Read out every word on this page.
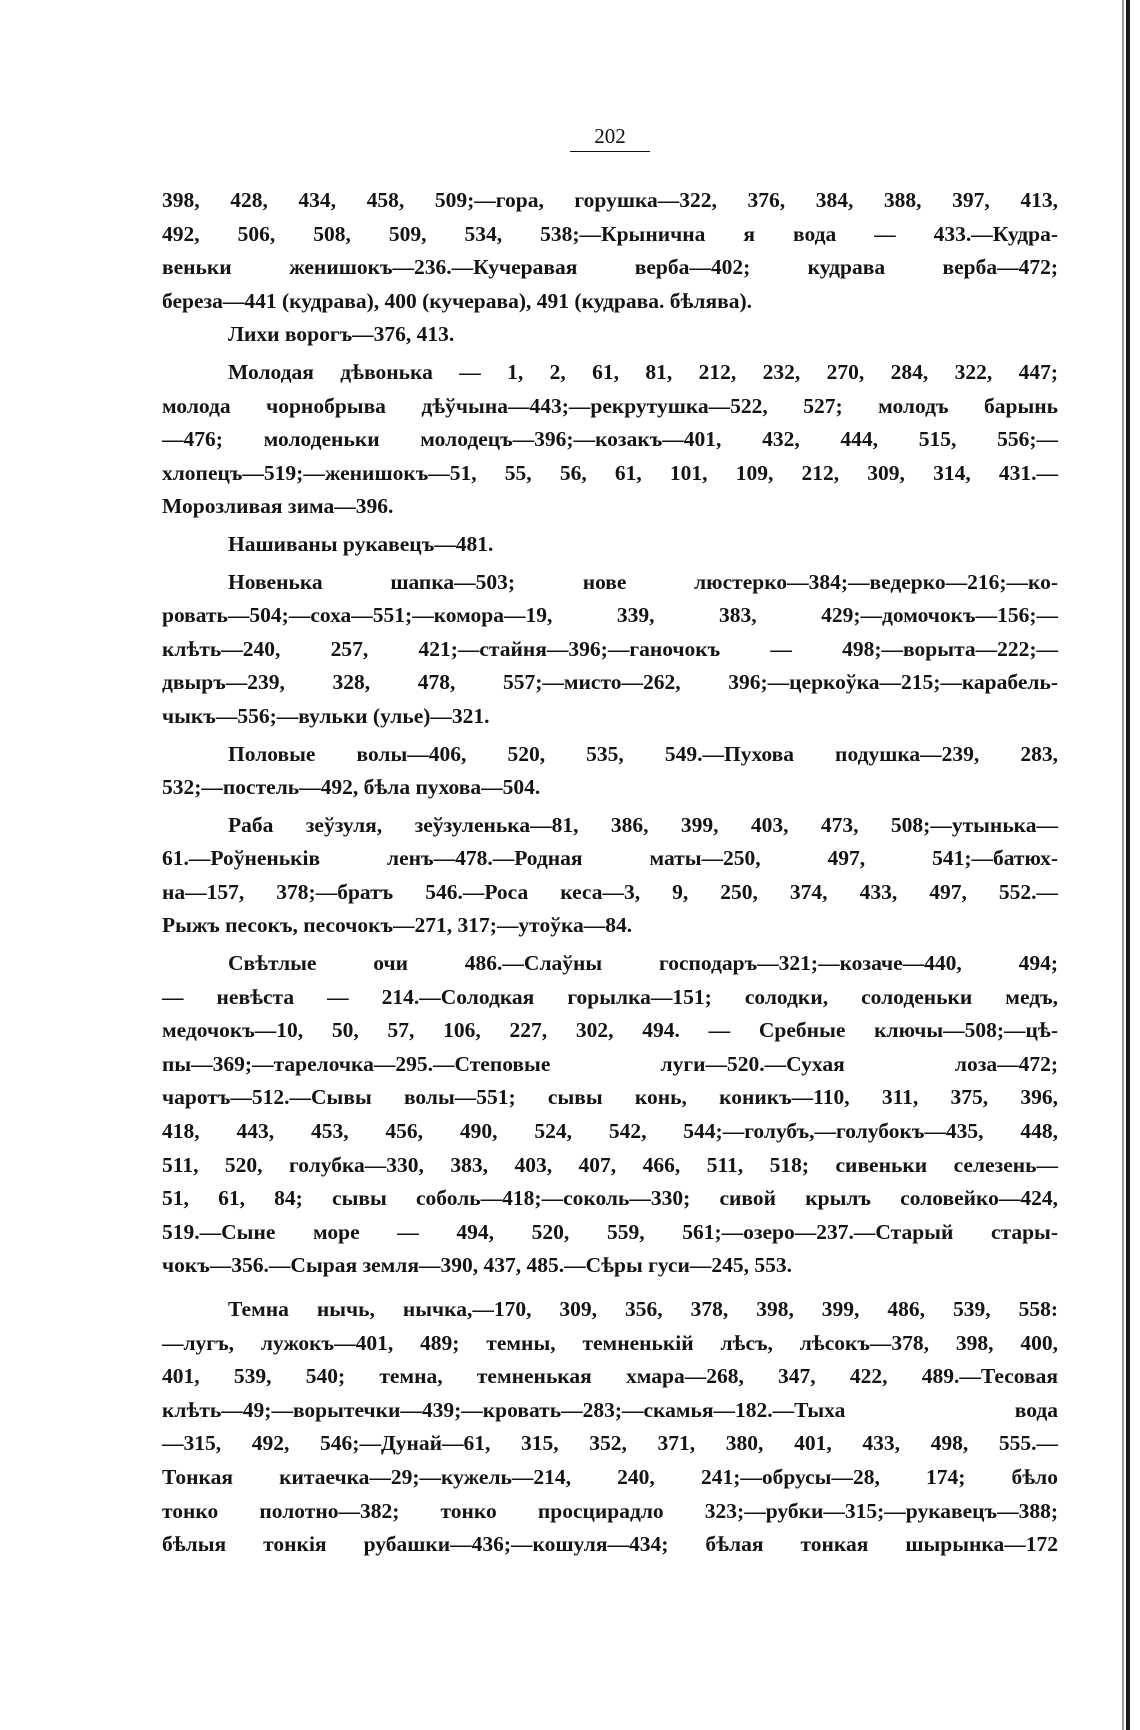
202
398, 428, 434, 458, 509;—гора, горушка—322, 376, 384, 388, 397, 413,
492, 506, 508, 509, 534, 538;—Крынична я вода — 433.—Кудра-
веньки женишокъ—236.—Кучеравая верба—402; кудрава верба—472;
береза—441 (кудрава), 400 (кучерава), 491 (кудрава. бѣлява).
Лихи ворогъ—376, 413.
Молодая дѣвонька — 1, 2, 61, 81, 212, 232, 270, 284, 322, 447;
молода чорнобрыва дѣўчына—443;—рекрутушка—522, 527; молодъ барынь
—476; молоденьки молодецъ—396;—козакъ—401, 432, 444, 515, 556;—
хлопецъ—519;—женишокъ—51, 55, 56, 61, 101, 109, 212, 309, 314, 431.—
Морозливая зима—396.
Нашиваны рукавецъ—481.
Новенька шапка—503; нове люстерко—384;—ведерко—216;—ко-
ровать—504;—соха—551;—комора—19, 339, 383, 429;—домочокъ—156;—
клѣть—240, 257, 421;—стайня—396;—ганочокъ — 498;—ворыта—222;—
двыръ—239, 328, 478, 557;—мисто—262, 396;—церкоўка—215;—карабель-
чыкъ—556;—вульки (улье)—321.
Половые волы—406, 520, 535, 549.—Пухова подушка—239, 283,
532;—постель—492, бѣла пухова—504.
Раба зеўзуля, зеўзуленька—81, 386, 399, 403, 473, 508;—утынька—
61.—Роўненьків ленъ—478.—Родная маты—250, 497, 541;—батюх-
на—157, 378;—братъ 546.—Роса кеса—3, 9, 250, 374, 433, 497, 552.—
Рыжъ песокъ, песочокъ—271, 317;—утоўка—84.
Свѣтлые очи 486.—Слаўны господаръ—321;—козаче—440, 494;
— невѣста — 214.—Солодкая горылка—151; солодки, солоденьки медъ,
медочокъ—10, 50, 57, 106, 227, 302, 494. — Сребные ключы—508;—цѣ-
пы—369;—тарелочка—295.—Степовые луги—520.—Сухая лоза—472;
чаротъ—512.—Сывы волы—551; сывы конь, коникъ—110, 311, 375, 396,
418, 443, 453, 456, 490, 524, 542, 544;—голубъ,—голубокъ—435, 448,
511, 520, голубка—330, 383, 403, 407, 466, 511, 518; сивеньки селезень—
51, 61, 84; сывы соболь—418;—соколь—330; сивой крылъ соловейко—424,
519.—Сыне море — 494, 520, 559, 561;—озеро—237.—Старый стары-
чокъ—356.—Сырая земля—390, 437, 485.—Сѣры гуси—245, 553.
Темна нычь, нычка,—170, 309, 356, 378, 398, 399, 486, 539, 558:
—лугъ, лужокъ—401, 489; темны, темненькій лѣсъ, лѣсокъ—378, 398, 400,
401, 539, 540; темна, темненькая хмара—268, 347, 422, 489.—Тесовая
клѣть—49;—ворытечки—439;—кровать—283;—скамья—182.—Тыха вода
—315, 492, 546;—Дунай—61, 315, 352, 371, 380, 401, 433, 498, 555.—
Тонкая китаечка—29;—кужель—214, 240, 241;—обрусы—28, 174; бѣло
тонко полотно—382; тонко просцирадло 323;—рубки—315;—рукавецъ—388;
бѣлыя тонкія рубашки—436;—кошуля—434; бѣлая тонкая шырынка—172
